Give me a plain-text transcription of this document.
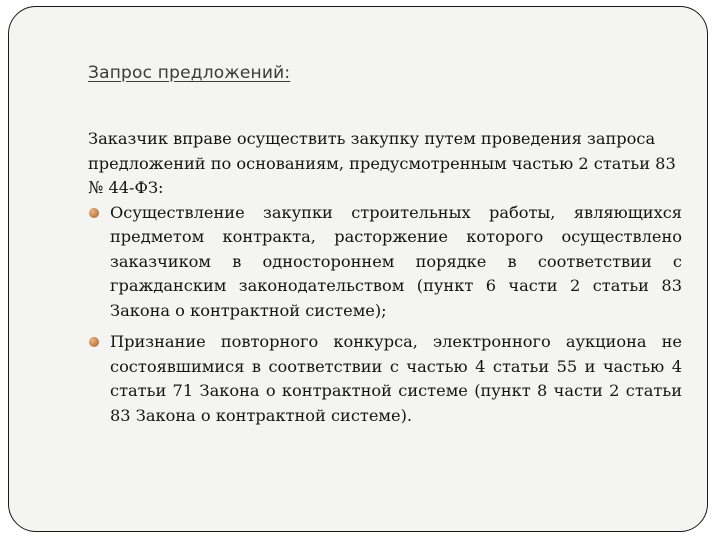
Запрос предложений:

Заказчик вправе осуществить закупку путем проведения запроса предложений по основаниям, предусмотренным частью 2 статьи 83 № 44-ФЗ:

Осуществление закупки строительных работы, являющихся предметом контракта, расторжение которого осуществлено заказчиком в одностороннем порядке в соответствии с гражданским законодательством (пункт 6 части 2 статьи 83 Закона о контрактной системе);
Признание повторного конкурса, электронного аукциона не состоявшимися в соответствии с частью 4 статьи 55 и частью 4 статьи 71 Закона о контрактной системе (пункт 8 части 2 статьи 83 Закона о контрактной системе).
